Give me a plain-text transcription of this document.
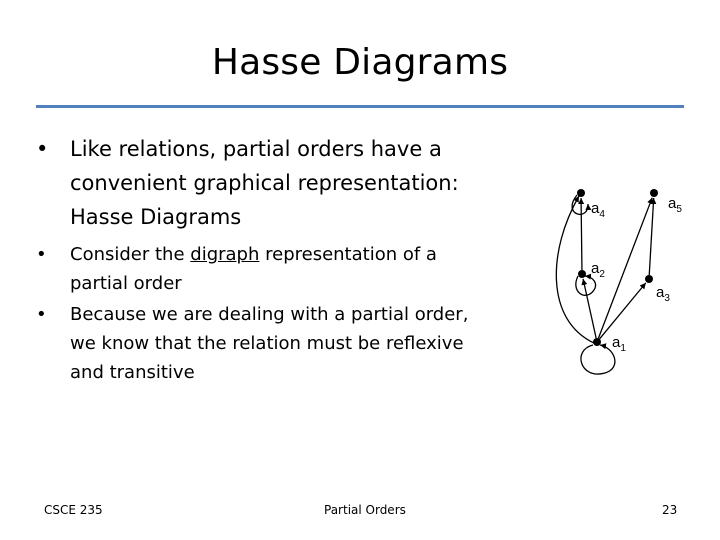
Hasse Diagrams
•	Like relations, partial orders have a
convenient graphical representation:
Hasse Diagrams
•	Consider the digraph representation of a
partial order
•	Because we are dealing with a partial order,
we know that the relation must be reflexive
and transitive
$a_1$
$a_2$
$a_3$
$a_4$
$a_5$
CSCE 235	Partial Orders	23
